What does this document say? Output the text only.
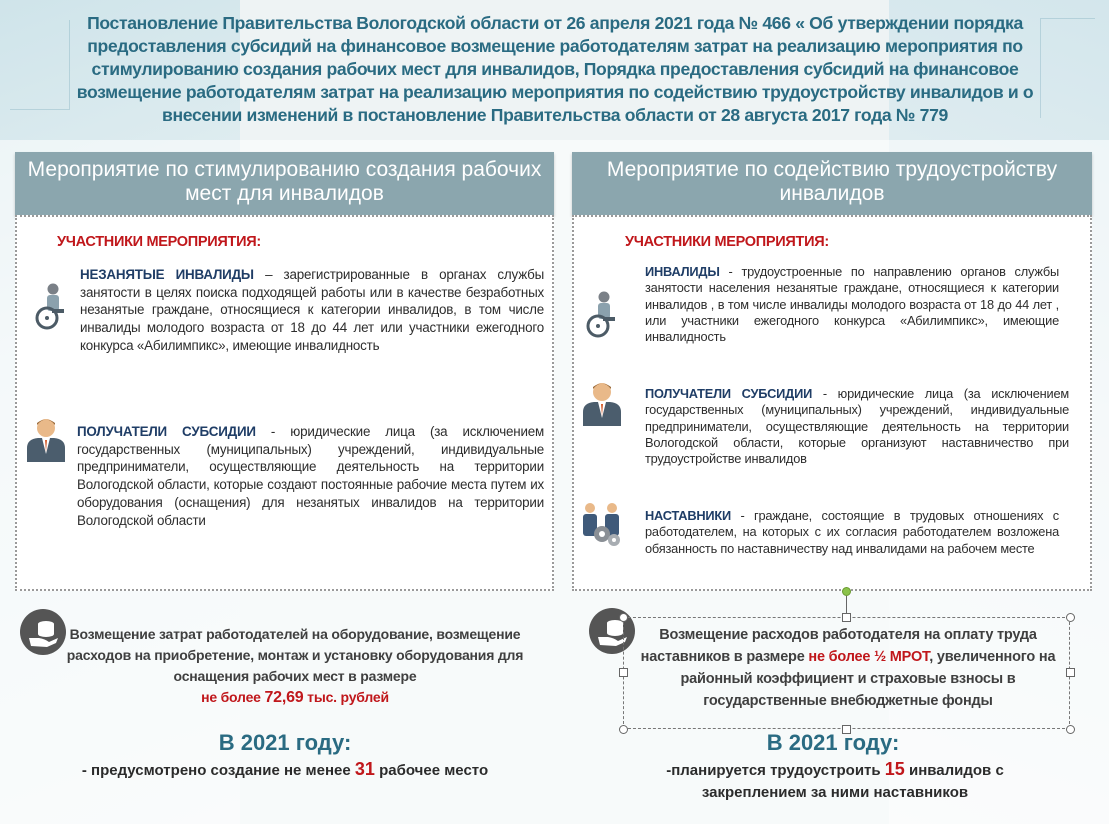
Постановление Правительства Вологодской области от 26 апреля 2021 года № 466 « Об утверждении порядка предоставления субсидий на финансовое возмещение работодателям затрат на реализацию мероприятия по стимулированию создания рабочих мест для инвалидов, Порядка предоставления субсидий на финансовое возмещение работодателям затрат на реализацию мероприятия по содействию трудоустройству инвалидов и о внесении изменений в постановление Правительства области от 28 августа 2017 года № 779
Мероприятие по стимулированию создания рабочих мест для инвалидов
УЧАСТНИКИ МЕРОПРИЯТИЯ:
НЕЗАНЯТЫЕ ИНВАЛИДЫ – зарегистрированные в органах службы занятости в целях поиска подходящей работы или в качестве безработных незанятые граждане, относящиеся к категории инвалидов, в том числе инвалиды молодого возраста от 18 до 44 лет или участники ежегодного конкурса «Абилимпикс», имеющие инвалидность
ПОЛУЧАТЕЛИ СУБСИДИИ - юридические лица (за исключением государственных (муниципальных) учреждений, индивидуальные предприниматели, осуществляющие деятельность на территории Вологодской области, которые создают постоянные рабочие места путем их оборудования (оснащения) для незанятых инвалидов на территории Вологодской области
Возмещение затрат работодателей на оборудование, возмещение расходов на приобретение, монтаж и установку оборудования для оснащения рабочих мест в размере
не более 72,69 тыс. рублей
В 2021 году:
- предусмотрено создание не менее 31 рабочее место
Мероприятие по содействию трудоустройству инвалидов
УЧАСТНИКИ МЕРОПРИЯТИЯ:
ИНВАЛИДЫ - трудоустроенные по направлению органов службы занятости населения незанятые граждане, относящиеся к категории инвалидов , в том числе инвалиды молодого возраста от 18 до 44 лет , или участники ежегодного конкурса «Абилимпикс», имеющие инвалидность
ПОЛУЧАТЕЛИ СУБСИДИИ - юридические лица (за исключением государственных (муниципальных) учреждений, индивидуальные предприниматели, осуществляющие деятельность на территории Вологодской области, которые организуют наставничество при трудоустройстве инвалидов
НАСТАВНИКИ - граждане, состоящие в трудовых отношениях с работодателем, на которых с их согласия работодателем возложена обязанность по наставничеству над инвалидами на рабочем месте
Возмещение расходов работодателя на оплату труда наставников в размере не более ½ МРОТ, увеличенного на районный коэффициент и страховые взносы в государственные внебюджетные фонды
В 2021 году:
-планируется трудоустроить 15 инвалидов с закреплением за ними наставников
